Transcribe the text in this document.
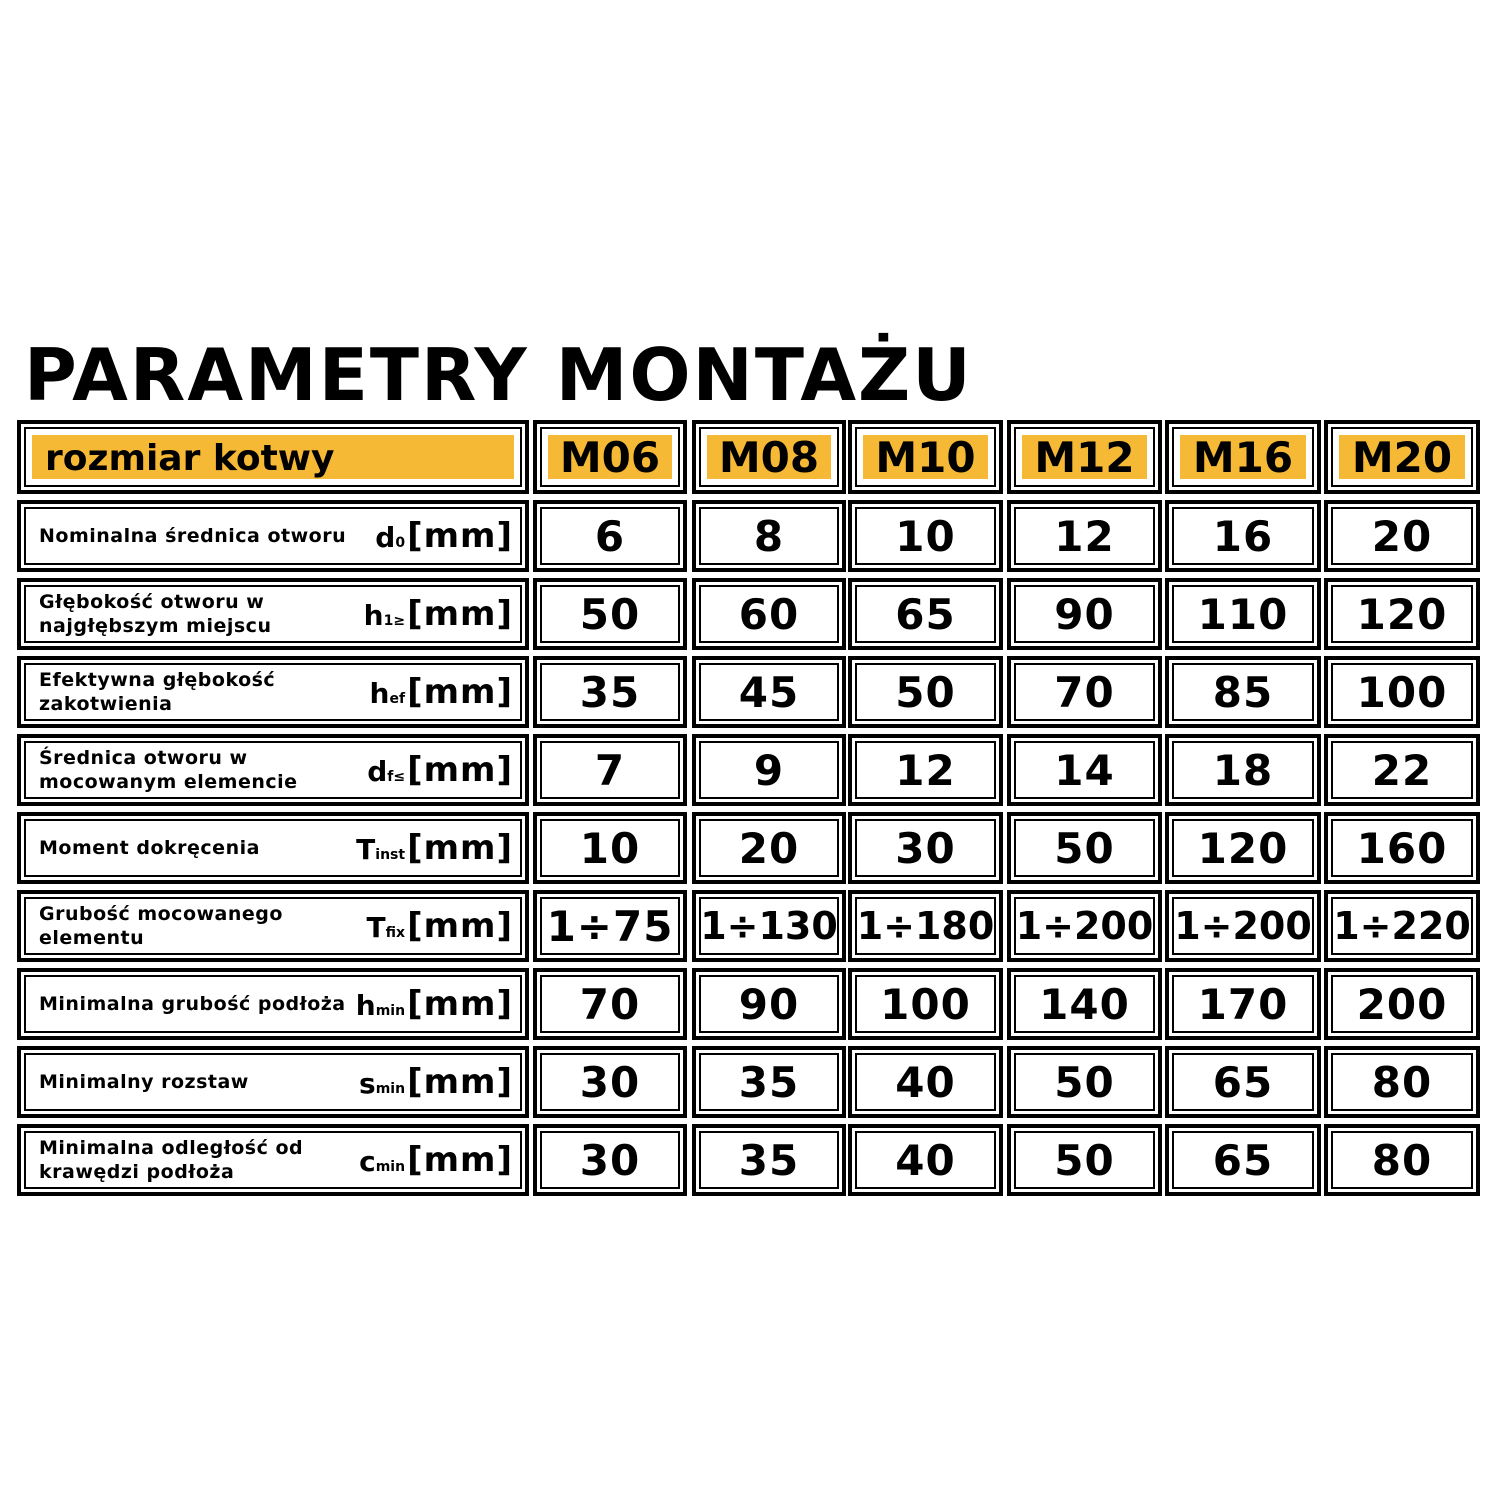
PARAMETRY MONTAŻU
rozmiar kotwy	M06	M08	M10	M12	M16	M20
Nominalna średnica otworu	d 0 [mm]	6	8	10	12	16	20
Głębokość otworu w najgłębszym miejscu	h 1≥ [mm]	50	60	65	90	110	120
Efektywna głębokość zakotwienia	h ef [mm]	35	45	50	70	85	100
Średnica otworu w mocowanym elemencie	d f≤ [mm]	7	9	12	14	18	22
Moment dokręcenia	T inst [mm]	10	20	30	50	120	160
Grubość mocowanego elementu	T fix [mm] 1÷75 1÷130 1÷180 1÷200 1÷200 1÷220
Minimalna grubość podłoża h min [mm]	70	90	100	140	170	200
Minimalny rozstaw	s min [mm]	30	35	40	50	65	80
Minimalna odległość od krawędzi podłoża	c min [mm]	30	35	40	50	65	80
